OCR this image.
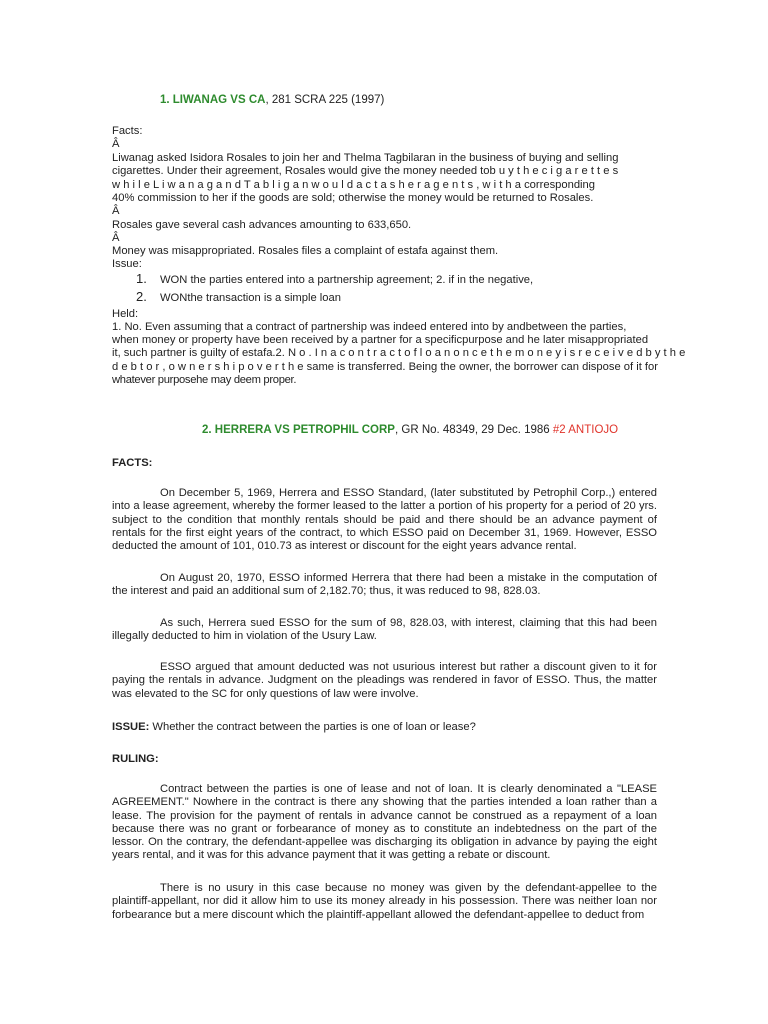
1. LIWANAG VS CA, 281 SCRA 225 (1997)
Facts:
Â
Liwanag asked Isidora Rosales to join her and Thelma Tagbilaran in the business of buying and selling
cigarettes. Under their agreement, Rosales would give the money needed tob u y t h e c i g a r e t t e s
w h i l e L i w a n a g a n d T a b l i g a n w o u l d a c t a s h e r a g e n t s , w i t h a corresponding
40% commission to her if the goods are sold; otherwise the money would be returned to Rosales.
Â
Rosales gave several cash advances amounting to 633,650.
Â
Money was misappropriated. Rosales files a complaint of estafa against them.
Issue:
1. WON the parties entered into a partnership agreement; 2. if in the negative,
2. WONthe transaction is a simple loan
Held:
1. No. Even assuming that a contract of partnership was indeed entered into by andbetween the parties,
when money or property have been received by a partner for a specificpurpose and he later misappropriated
it, such partner is guilty of estafa.2. N o . I n a c o n t r a c t o f l o a n o n c e t h e m o n e y i s r e c e i v e d b y t h e
d e b t o r , o w n e r s h i p o v e r t h e same is transferred. Being the owner, the borrower can dispose of it for
whatever purposehe may deem proper.
2. HERRERA VS PETROPHIL CORP, GR No. 48349, 29 Dec. 1986 #2 ANTIOJO
FACTS:

On December 5, 1969, Herrera and ESSO Standard, (later substituted by Petrophil Corp.,) entered into a lease agreement, whereby the former leased to the latter a portion of his property for a period of 20 yrs. subject to the condition that monthly rentals should be paid and there should be an advance payment of rentals for the first eight years of the contract, to which ESSO paid on December 31, 1969. However, ESSO deducted the amount of 101, 010.73 as interest or discount for the eight years advance rental.

On August 20, 1970, ESSO informed Herrera that there had been a mistake in the computation of the interest and paid an additional sum of 2,182.70; thus, it was reduced to 98, 828.03.

As such, Herrera sued ESSO for the sum of 98, 828.03, with interest, claiming that this had been illegally deducted to him in violation of the Usury Law.

ESSO argued that amount deducted was not usurious interest but rather a discount given to it for paying the rentals in advance. Judgment on the pleadings was rendered in favor of ESSO. Thus, the matter was elevated to the SC for only questions of law were involve.

ISSUE: Whether the contract between the parties is one of loan or lease?
RULING:

Contract between the parties is one of lease and not of loan. It is clearly denominated a "LEASE AGREEMENT." Nowhere in the contract is there any showing that the parties intended a loan rather than a lease. The provision for the payment of rentals in advance cannot be construed as a repayment of a loan because there was no grant or forbearance of money as to constitute an indebtedness on the part of the lessor. On the contrary, the defendant-appellee was discharging its obligation in advance by paying the eight years rental, and it was for this advance payment that it was getting a rebate or discount.

There is no usury in this case because no money was given by the defendant-appellee to the plaintiff-appellant, nor did it allow him to use its money already in his possession. There was neither loan nor forbearance but a mere discount which the plaintiff-appellant allowed the defendant-appellee to deduct from
